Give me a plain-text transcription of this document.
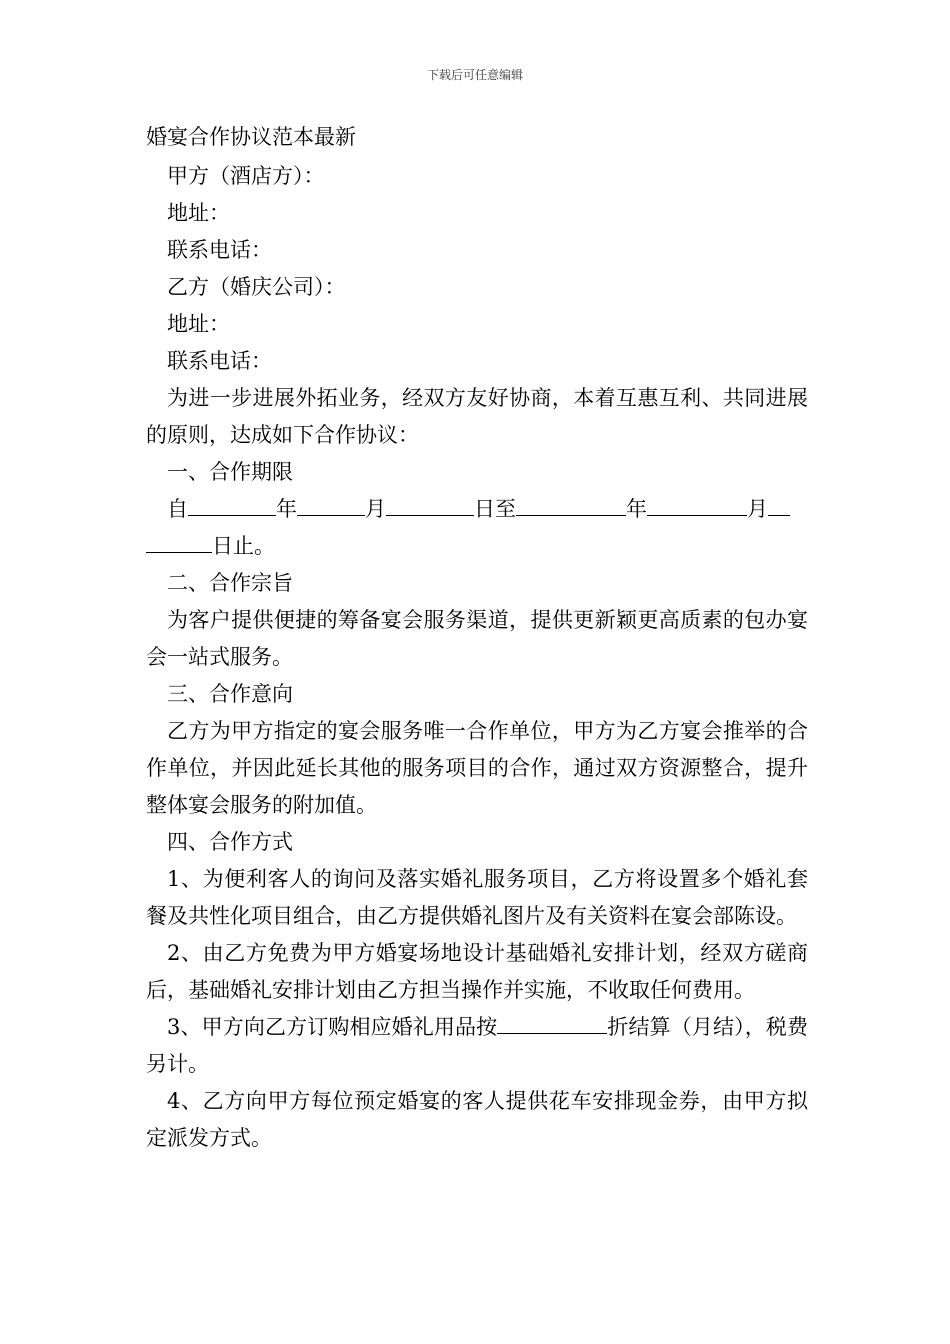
下载后可任意编辑
婚宴合作协议范本最新

甲方（酒店方）：

地址：

联系电话：

乙方（婚庆公司）：

地址：

联系电话：

为进一步进展外拓业务，经双方友好协商，本着互惠互利、共同进展的原则，达成如下合作协议：

一、合作期限

自	年	月	日至	年	月
日止。

二、合作宗旨

为客户提供便捷的筹备宴会服务渠道，提供更新颖更高质素的包办宴会一站式服务。

三、合作意向

乙方为甲方指定的宴会服务唯一合作单位，甲方为乙方宴会推举的合作单位，并因此延长其他的服务项目的合作，通过双方资源整合，提升整体宴会服务的附加值。

四、合作方式

1、为便利客人的询问及落实婚礼服务项目，乙方将设置多个婚礼套餐及共性化项目组合，由乙方提供婚礼图片及有关资料在宴会部陈设。

2、由乙方免费为甲方婚宴场地设计基础婚礼安排计划，经双方磋商后，基础婚礼安排计划由乙方担当操作并实施，不收取任何费用。

3、甲方向乙方订购相应婚礼用品按	折结算（月结），税费另计。

4、乙方向甲方每位预定婚宴的客人提供花车安排现金券，由甲方拟定派发方式。
